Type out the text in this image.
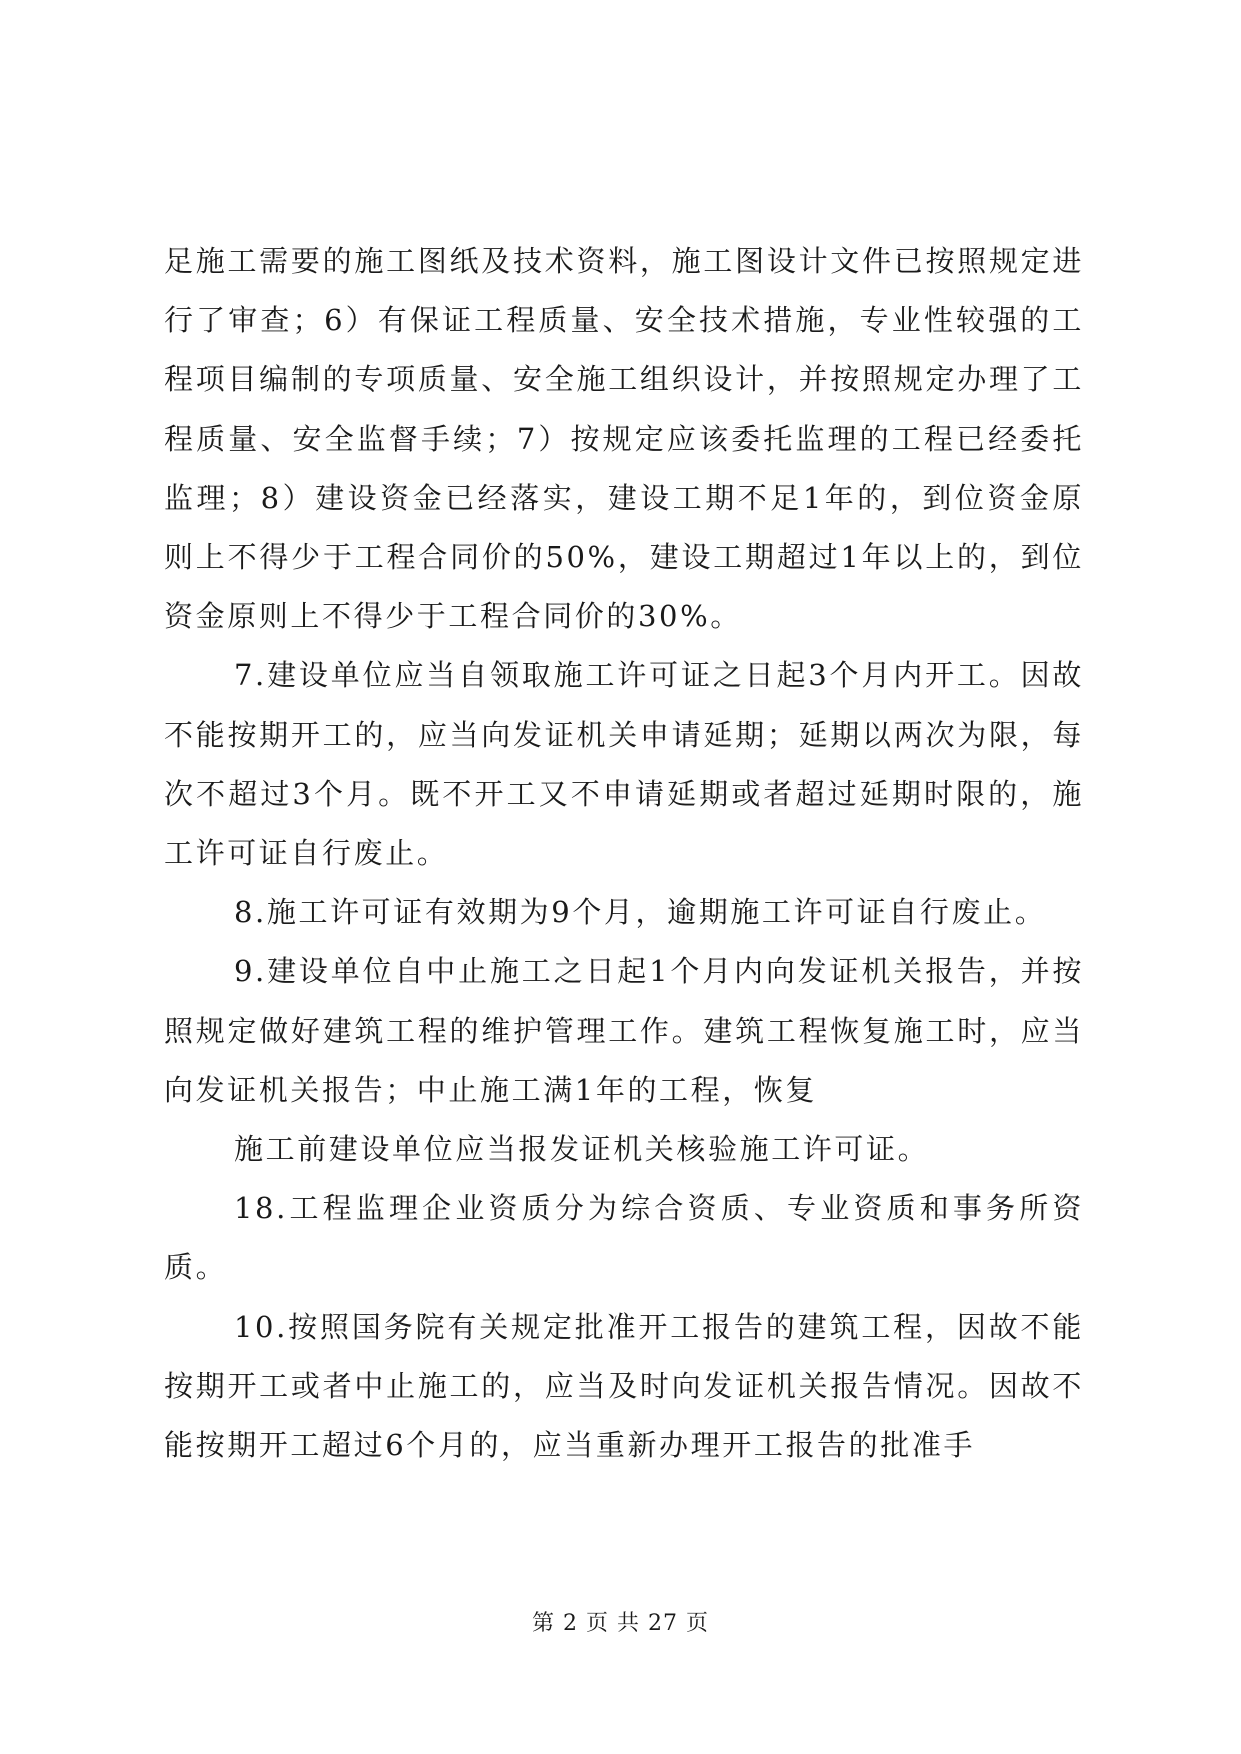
足施工需要的施工图纸及技术资料，施工图设计文件已按照规定进行了审查；6）有保证工程质量、安全技术措施，专业性较强的工程项目编制的专项质量、安全施工组织设计，并按照规定办理了工程质量、安全监督手续；7）按规定应该委托监理的工程已经委托监理；8）建设资金已经落实，建设工期不足1年的，到位资金原则上不得少于工程合同价的50%，建设工期超过1年以上的，到位资金原则上不得少于工程合同价的30%。

7.建设单位应当自领取施工许可证之日起3个月内开工。因故不能按期开工的，应当向发证机关申请延期；延期以两次为限，每次不超过3个月。既不开工又不申请延期或者超过延期时限的，施工许可证自行废止。

8.施工许可证有效期为9个月，逾期施工许可证自行废止。

9.建设单位自中止施工之日起1个月内向发证机关报告，并按照规定做好建筑工程的维护管理工作。建筑工程恢复施工时，应当向发证机关报告；中止施工满1年的工程，恢复

施工前建设单位应当报发证机关核验施工许可证。

18.工程监理企业资质分为综合资质、专业资质和事务所资质。

10.按照国务院有关规定批准开工报告的建筑工程，因故不能按期开工或者中止施工的，应当及时向发证机关报告情况。因故不能按期开工超过6个月的，应当重新办理开工报告的批准手

第 2 页 共 27 页
